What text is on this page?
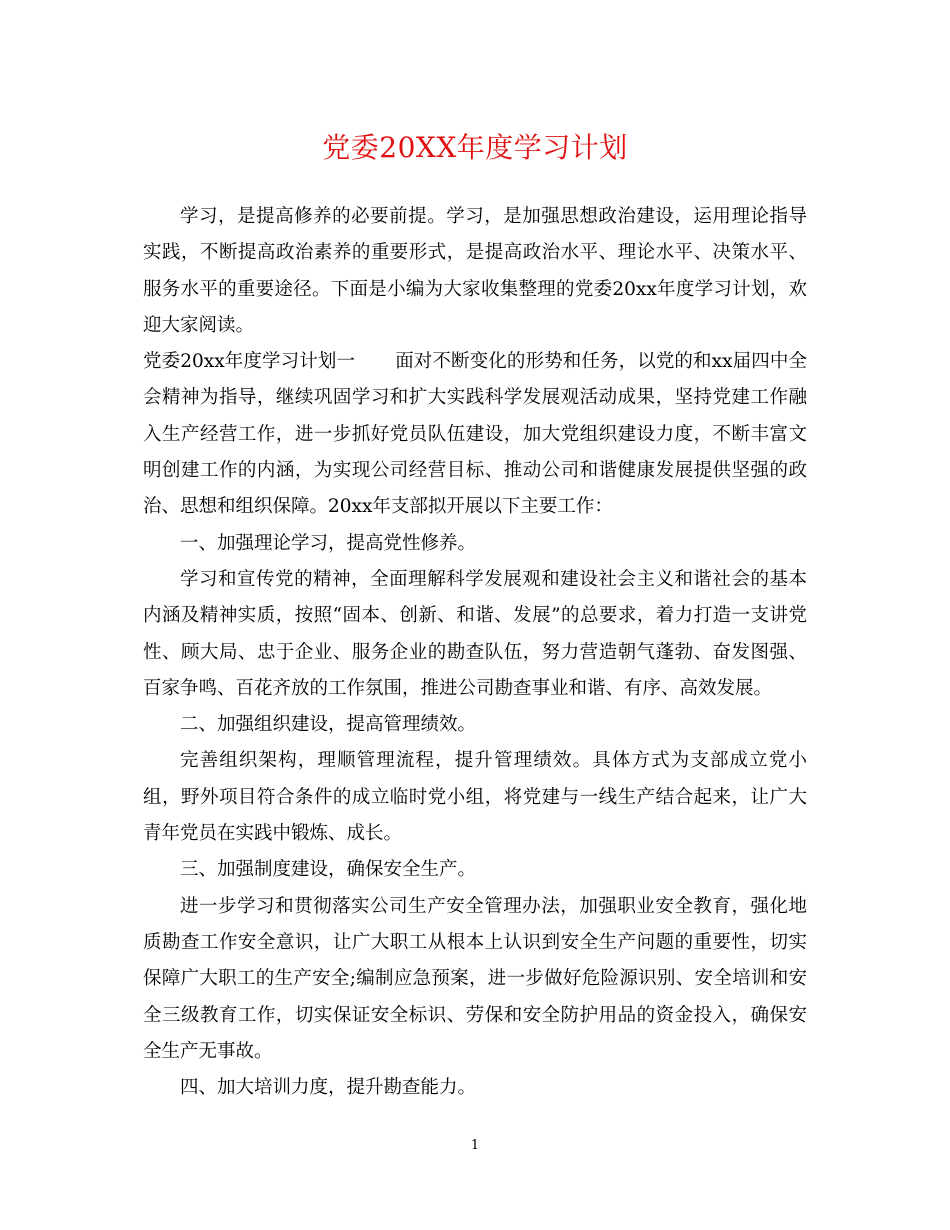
党委20XX年度学习计划

学习，是提高修养的必要前提。学习，是加强思想政治建设，运用理论指导实践，不断提高政治素养的重要形式，是提高政治水平、理论水平、决策水平、服务水平的重要途径。下面是小编为大家收集整理的党委20xx年度学习计划，欢迎大家阅读。

党委20xx年度学习计划一 面对不断变化的形势和任务，以党的和xx届四中全会精神为指导，继续巩固学习和扩大实践科学发展观活动成果，坚持党建工作融入生产经营工作，进一步抓好党员队伍建设，加大党组织建设力度，不断丰富文明创建工作的内涵，为实现公司经营目标、推动公司和谐健康发展提供坚强的政治、思想和组织保障。20xx年支部拟开展以下主要工作：

一、加强理论学习，提高党性修养。

学习和宣传党的精神，全面理解科学发展观和建设社会主义和谐社会的基本内涵及精神实质，按照“固本、创新、和谐、发展”的总要求，着力打造一支讲党性、顾大局、忠于企业、服务企业的勘查队伍，努力营造朝气蓬勃、奋发图强、百家争鸣、百花齐放的工作氛围，推进公司勘查事业和谐、有序、高效发展。

二、加强组织建设，提高管理绩效。

完善组织架构，理顺管理流程，提升管理绩效。具体方式为支部成立党小组，野外项目符合条件的成立临时党小组，将党建与一线生产结合起来，让广大青年党员在实践中锻炼、成长。

三、加强制度建设，确保安全生产。

进一步学习和贯彻落实公司生产安全管理办法，加强职业安全教育，强化地质勘查工作安全意识，让广大职工从根本上认识到安全生产问题的重要性，切实保障广大职工的生产安全;编制应急预案，进一步做好危险源识别、安全培训和安全三级教育工作，切实保证安全标识、劳保和安全防护用品的资金投入，确保安全生产无事故。

四、加大培训力度，提升勘查能力。

1
